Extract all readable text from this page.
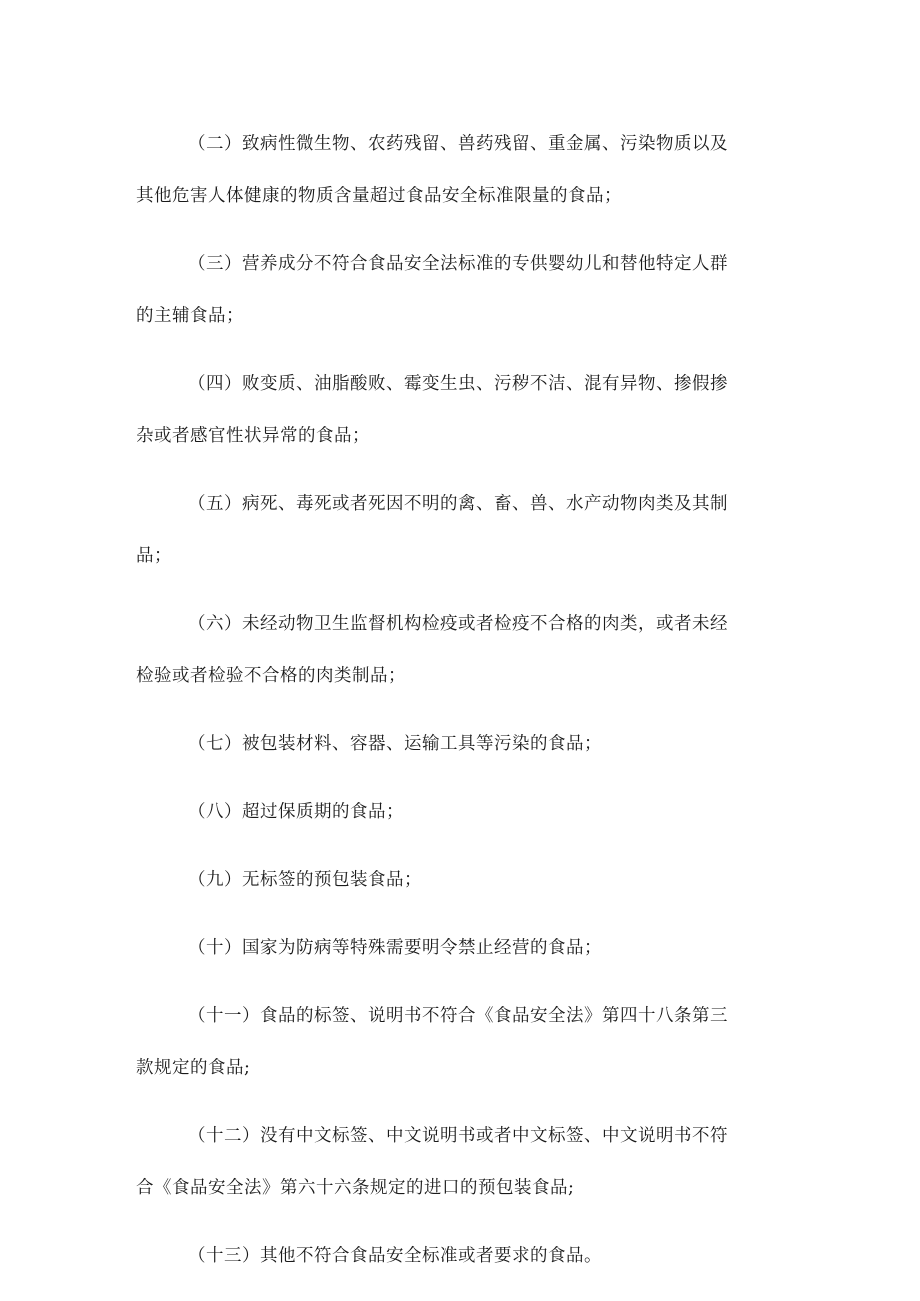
（二）致病性微生物、农药残留、兽药残留、重金属、污染物质以及
其他危害人体健康的物质含量超过食品安全标准限量的食品；

（三）营养成分不符合食品安全法标准的专供婴幼儿和替他特定人群
的主辅食品；

（四）败变质、油脂酸败、霉变生虫、污秽不洁、混有异物、掺假掺
杂或者感官性状异常的食品；

（五）病死、毒死或者死因不明的禽、畜、兽、水产动物肉类及其制
品；

（六）未经动物卫生监督机构检疫或者检疫不合格的肉类，或者未经
检验或者检验不合格的肉类制品；

（七）被包装材料、容器、运输工具等污染的食品；

（八）超过保质期的食品；

（九）无标签的预包装食品；

（十）国家为防病等特殊需要明令禁止经营的食品；

（十一）食品的标签、说明书不符合《食品安全法》第四十八条第三
款规定的食品;

（十二）没有中文标签、中文说明书或者中文标签、中文说明书不符
合《食品安全法》第六十六条规定的进口的预包装食品;

（十三）其他不符合食品安全标准或者要求的食品。
